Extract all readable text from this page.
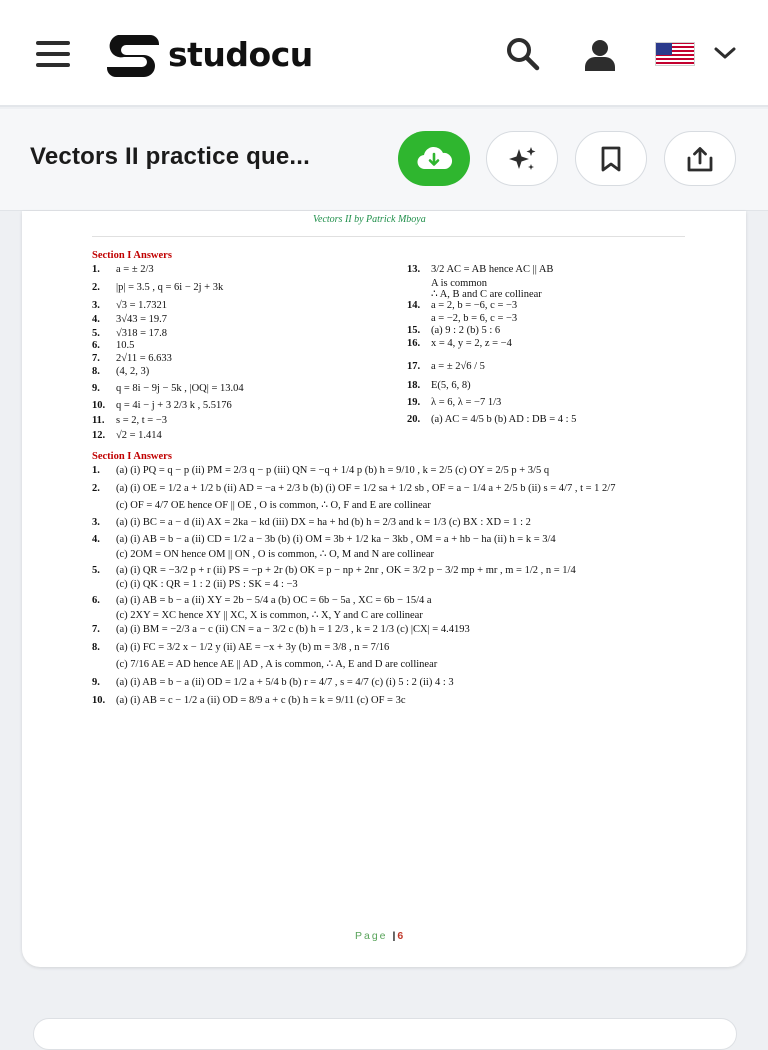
studocu
Vectors II practice que...
Vectors II by Patrick Mboya
Section I Answers
1. a = ± 2/3
2. |p| = 3.5 , q = 6i − 2j + 3k
3. √3 = 1.7321
4. 3√43 = 19.7
5. √318 = 17.8
6. 10.5
7. 2√11 = 6.633
8. (4, 2, 3)
9. q = 8i − 9j − 5k , |OQ| = 13.04
10. q = 4i − j + 3 2/3 k , 5.5176
11. s = 2, t = −3
12. √2 = 1.414
13. 3/2 AC = AB hence AC || AB
A is common
∴ A, B and C are collinear
14. a = 2, b = −6, c = −3
a = −2, b = 6, c = −3
15. (a) 9 : 2 (b) 5 : 6
16. x = 4, y = 2, z = −4
17. a = ± 2√6 / 5
18. E(5, 6, 8)
19. λ = 6, λ = −7 1/3
20. (a) AC = 4/5 b (b) AD : DB = 4 : 5
Section I Answers
1. (a) (i) PQ = q − p (ii) PM = 2/3 q − p (iii) QN = −q + 1/4 p (b) h = 9/10 , k = 2/5 (c) OY = 2/5 p + 3/5 q
2. (a) (i) OE = 1/2 a + 1/2 b (ii) AD = −a + 2/3 b (b) (i) OF = 1/2 sa + 1/2 sb , OF = a − 1/4 a + 2/5 b (ii) s = 4/7 , t = 1 2/7
(c) OF = 4/7 OE hence OF || OE , O is common, ∴ O, F and E are collinear
3. (a) (i) BC = a − d (ii) AX = 2ka − kd (iii) DX = ha + hd (b) h = 2/3 and k = 1/3 (c) BX : XD = 1 : 2
4. (a) (i) AB = b − a (ii) CD = 1/2 a − 3b (b) (i) OM = 3b + 1/2 ka − 3kb , OM = a + hb − ha (ii) h = k = 3/4
(c) 2OM = ON hence OM || ON , O is common, ∴ O, M and N are collinear
5. (a) (i) QR = −3/2 p + r (ii) PS = −p + 2r (b) OK = p − np + 2nr , OK = 3/2 p − 3/2 mp + mr , m = 1/2 , n = 1/4
(c) (i) QK : QR = 1 : 2 (ii) PS : SK = 4 : −3
6. (a) (i) AB = b − a (ii) XY = 2b − 5/4 a (b) OC = 6b − 5a , XC = 6b − 15/4 a
(c) 2XY = XC hence XY || XC, X is common, ∴ X, Y and C are collinear
7. (a) (i) BM = −2/3 a − c (ii) CN = a − 3/2 c (b) h = 1 2/3 , k = 2 1/3 (c) |CX| = 4.4193
8. (a) (i) FC = 3/2 x − 1/2 y (ii) AE = −x + 3y (b) m = 3/8 , n = 7/16
(c) 7/16 AE = AD hence AE || AD , A is common, ∴ A, E and D are collinear
9. (a) (i) AB = b − a (ii) OD = 1/2 a + 5/4 b (b) r = 4/7 , s = 4/7 (c) (i) 5 : 2 (ii) 4 : 3
10. (a) (i) AB = c − 1/2 a (ii) OD = 8/9 a + c (b) h = k = 9/11 (c) OF = 3c
Page |6
